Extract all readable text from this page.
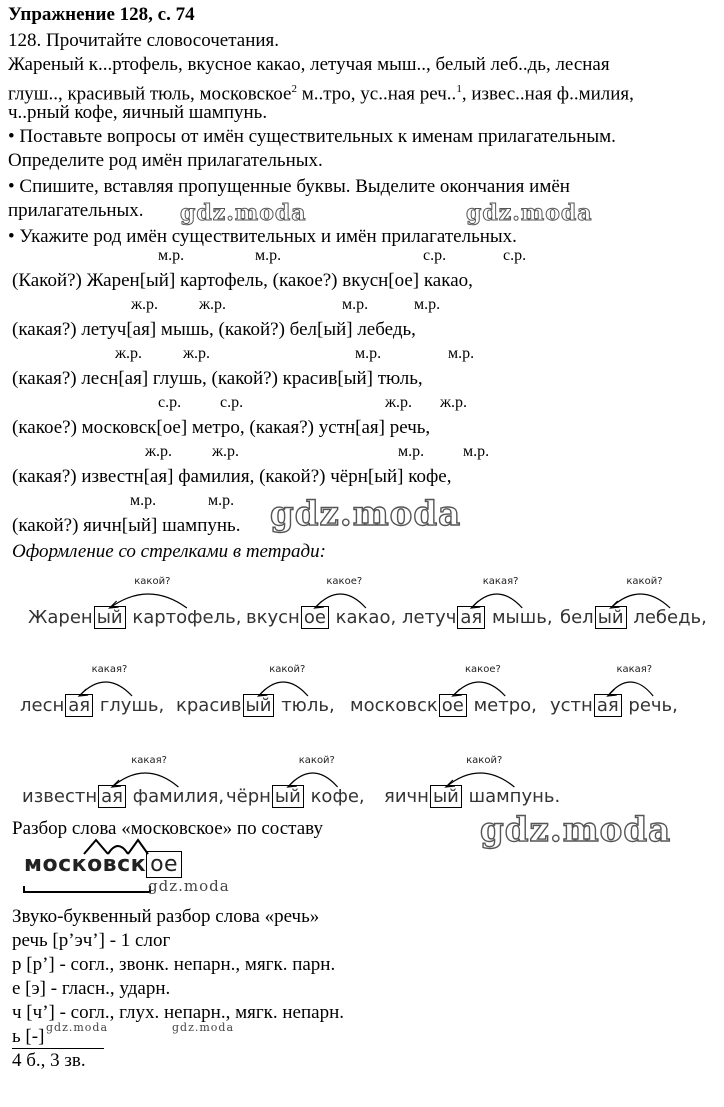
Упражнение 128, с. 74
128. Прочитайте словосочетания.
Жареный к...ртофель, вкусное какао, летучая мыш.., белый леб..дь, лесная
глуш.., красивый тюль, московское$^2$ м..тро, ус..ная реч..$^1$, извес..ная ф..милия,
ч..рный кофе, яичный шампунь.
• Поставьте вопросы от имён существительных к именам прилагательным.
Определите род имён прилагательных.
• Спишите, вставляя пропущенные буквы. Выделите окончания имён
прилагательных.
• Укажите род имён существительных и имён прилагательных.
м.р.	м.р.	с.р.	с.р.
(Какой?) Жарен[ый] картофель, (какое?) вкусн[ое] какао,
ж.р.	ж.р.	м.р.	м.р.
(какая?) летуч[ая] мышь, (какой?) бел[ый] лебедь,
ж.р.	ж.р.	м.р.	м.р.
(какая?) лесн[ая] глушь, (какой?) красив[ый] тюль,
с.р. с.р.	ж.р. ж.р.
(какое?) московск[ое] метро, (какая?) устн[ая] речь,
ж.р. ж.р.	м.р. м.р.
(какая?) известн[ая] фамилия, (какой?) чёрн[ый] кофе,
м.р.	м.р.
(какой?) яичн[ый] шампунь.
Оформление со стрелками в тетради:
Жарен ый картофель, вкусн ое какао, летуч ая мышь, бел ый лебедь,
лесн ая глушь, красив ый тюль, московск ое метро, устн ая речь,
известн ая фамилия, чёрн ый кофе, яичн ый шампунь.
Разбор слова «московское» по составу
московск ое
Звуко-буквенный разбор слова «речь»
речь [р’эч’] - 1 слог
р [р’] - согл., звонк. непарн., мягк. парн.
е [э] - гласн., ударн.
ч [ч’] - согл., глух. непарн., мягк. непарн.
ь [-]
4 б., 3 зв.
gdz.moda	gdz.moda
gdz.moda
gdz.moda
gdz.moda
gdz.moda	gdz.moda
какой?	какое?	какая?	какой?
какая?	какой?	какое?	какая?
какая?	какой?	какой?
